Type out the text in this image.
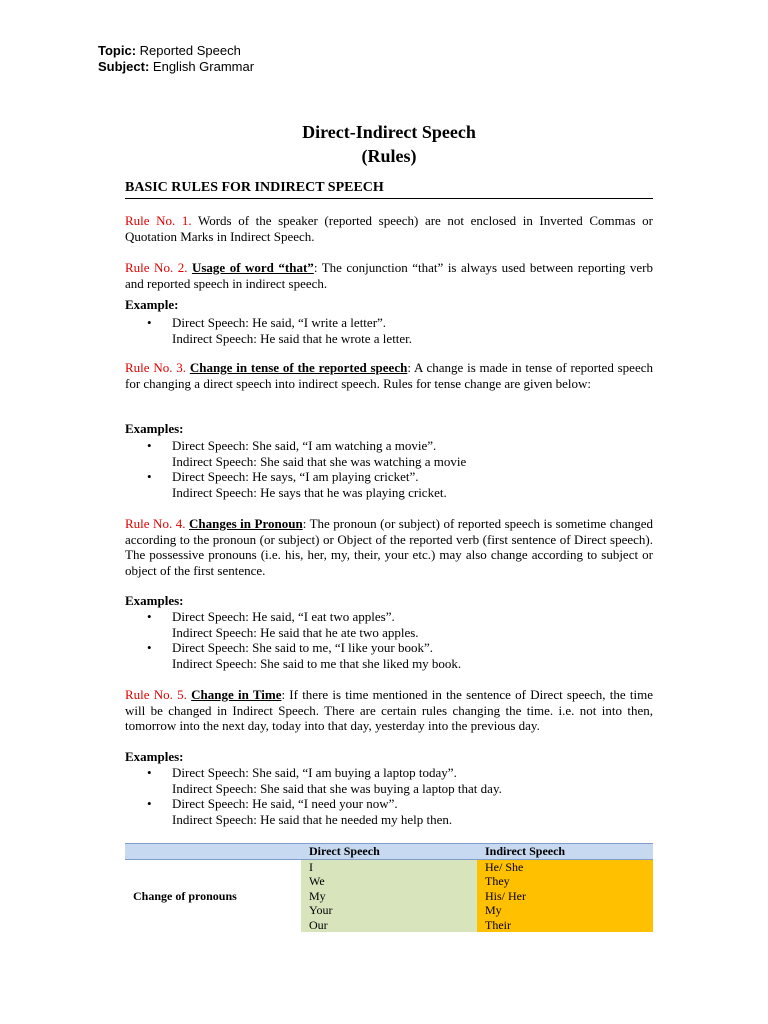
Topic: Reported Speech
Subject: English Grammar
Direct-Indirect Speech
(Rules)
BASIC RULES FOR INDIRECT SPEECH
Rule No. 1. Words of the speaker (reported speech) are not enclosed in Inverted Commas or Quotation Marks in Indirect Speech.
Rule No. 2. Usage of word “that”: The conjunction “that” is always used between reporting verb and reported speech in indirect speech.
Example:
• Direct Speech: He said, “I write a letter”.
Indirect Speech: He said that he wrote a letter.
Rule No. 3. Change in tense of the reported speech: A change is made in tense of reported speech for changing a direct speech into indirect speech. Rules for tense change are given below:
Examples:
• Direct Speech: She said, “I am watching a movie”.
Indirect Speech: She said that she was watching a movie
• Direct Speech: He says, “I am playing cricket”.
Indirect Speech: He says that he was playing cricket.
Rule No. 4. Changes in Pronoun: The pronoun (or subject) of reported speech is sometime changed according to the pronoun (or subject) or Object of the reported verb (first sentence of Direct speech). The possessive pronouns (i.e. his, her, my, their, your etc.) may also change according to subject or object of the first sentence.
Examples:
• Direct Speech: He said, “I eat two apples”.
Indirect Speech: He said that he ate two apples.
• Direct Speech: She said to me, “I like your book”.
Indirect Speech: She said to me that she liked my book.
Rule No. 5. Change in Time: If there is time mentioned in the sentence of Direct speech, the time will be changed in Indirect Speech. There are certain rules changing the time. i.e. not into then, tomorrow into the next day, today into that day, yesterday into the previous day.
Examples:
• Direct Speech: She said, “I am buying a laptop today”.
Indirect Speech: She said that she was buying a laptop that day.
• Direct Speech: He said, “I need your now”.
Indirect Speech: He said that he needed my help then.
	Direct Speech	Indirect Speech
Change of pronouns	I	He/ She
	We	They
	My	His/ Her
	Your	My
	Our	Their
